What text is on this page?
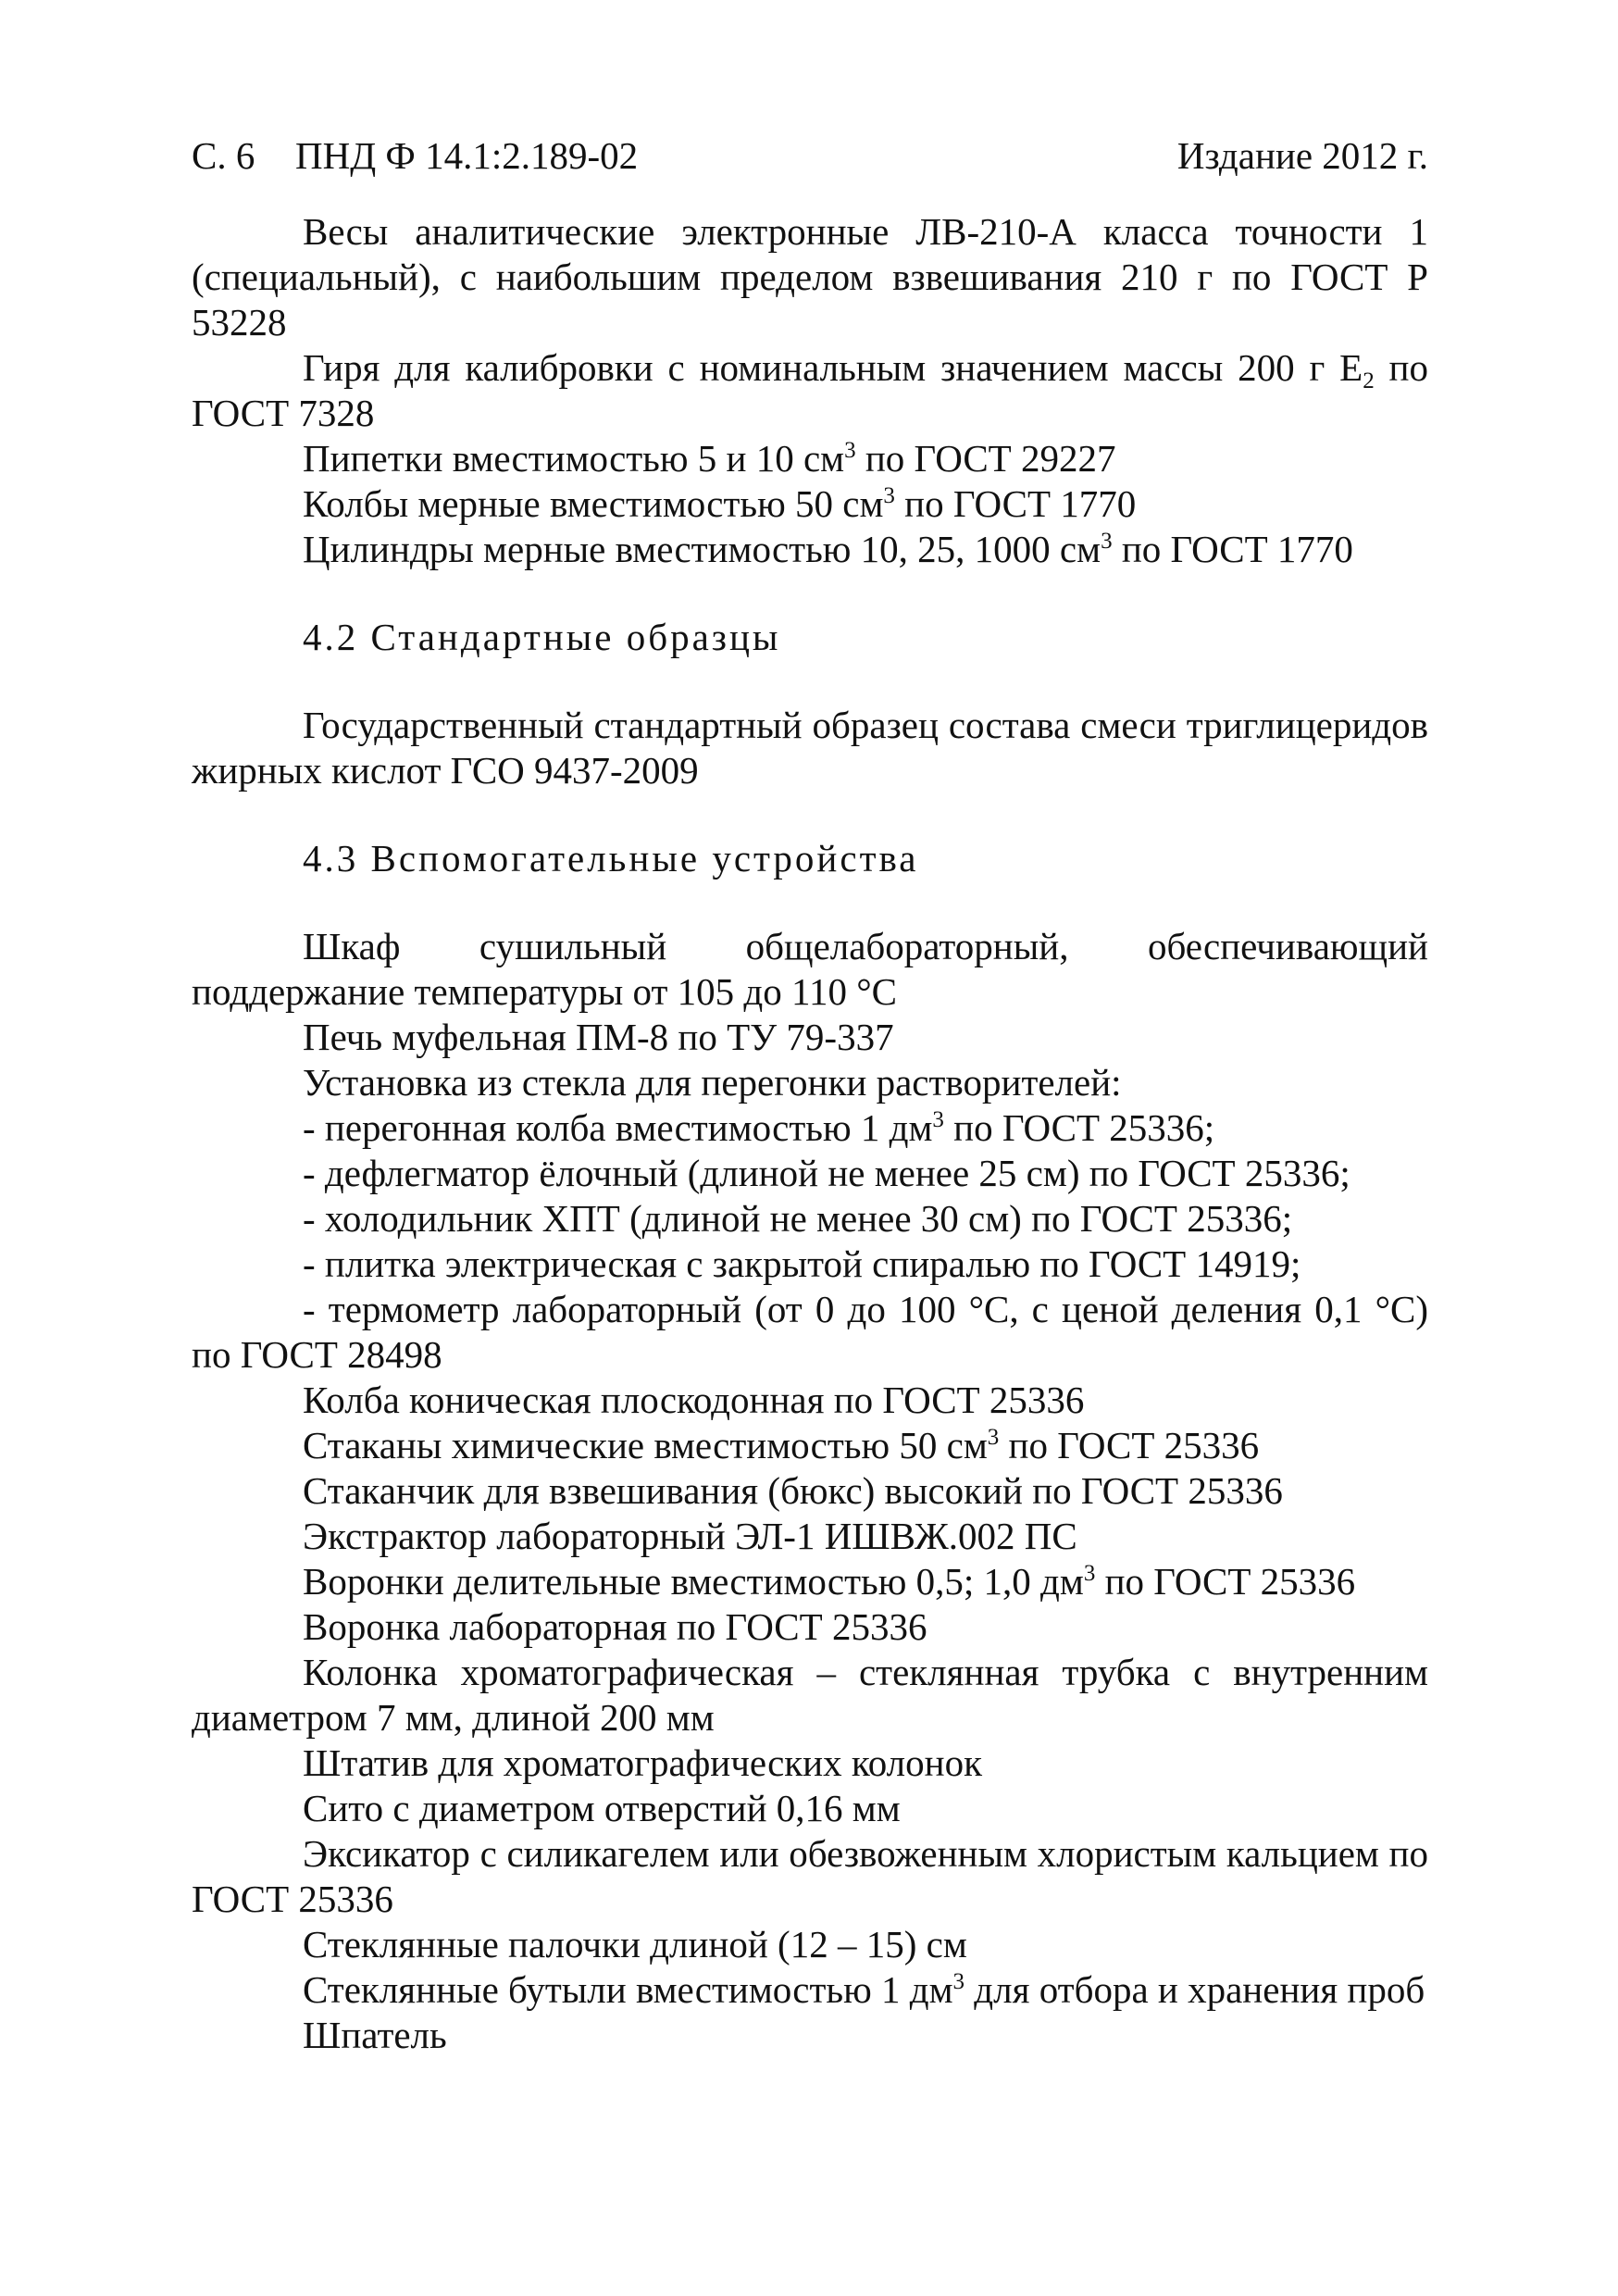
С. 6 ПНД Ф 14.1:2.189-02	Издание 2012 г.

Весы аналитические электронные ЛВ-210-А класса точности 1 (специальный), с наибольшим пределом взвешивания 210 г по ГОСТ Р 53228

Гиря для калибровки с номинальным значением массы 200 г $Е_2$ по ГОСТ 7328

Пипетки вместимостью 5 и 10 $см^3$ по ГОСТ 29227

Колбы мерные вместимостью 50 $см^3$ по ГОСТ 1770

Цилиндры мерные вместимостью 10, 25, 1000 $см^3$ по ГОСТ 1770

4.2 Стандартные образцы

Государственный стандартный образец состава смеси триглицеридов жирных кислот ГСО 9437-2009

4.3 Вспомогательные устройства
Шкаф сушильный общелабораторный, обеспечивающий

поддержание температуры от 105 до 110 °С

Печь муфельная ПМ-8 по ТУ 79-337

Установка из стекла для перегонки растворителей:

- перегонная колба вместимостью 1 $дм^3$ по ГОСТ 25336;

- дефлегматор ёлочный (длиной не менее 25 см) по ГОСТ 25336;

- холодильник ХПТ (длиной не менее 30 см) по ГОСТ 25336;

- плитка электрическая с закрытой спиралью по ГОСТ 14919;

- термометр лабораторный (от 0 до 100 °С, с ценой деления 0,1 °С) по ГОСТ 28498

Колба коническая плоскодонная по ГОСТ 25336

Стаканы химические вместимостью 50 $см^3$ по ГОСТ 25336

Стаканчик для взвешивания (бюкс) высокий по ГОСТ 25336

Экстрактор лабораторный ЭЛ-1 ИШВЖ.002 ПС

Воронки делительные вместимостью 0,5; 1,0 $дм^3$ по ГОСТ 25336

Воронка лабораторная по ГОСТ 25336

Колонка хроматографическая – стеклянная трубка с внутренним диаметром 7 мм, длиной 200 мм

Штатив для хроматографических колонок

Сито с диаметром отверстий 0,16 мм

Эксикатор с силикагелем или обезвоженным хлористым кальцием по ГОСТ 25336

Стеклянные палочки длиной (12 – 15) см

Стеклянные бутыли вместимостью 1 $дм^3$ для отбора и хранения проб

Шпатель
